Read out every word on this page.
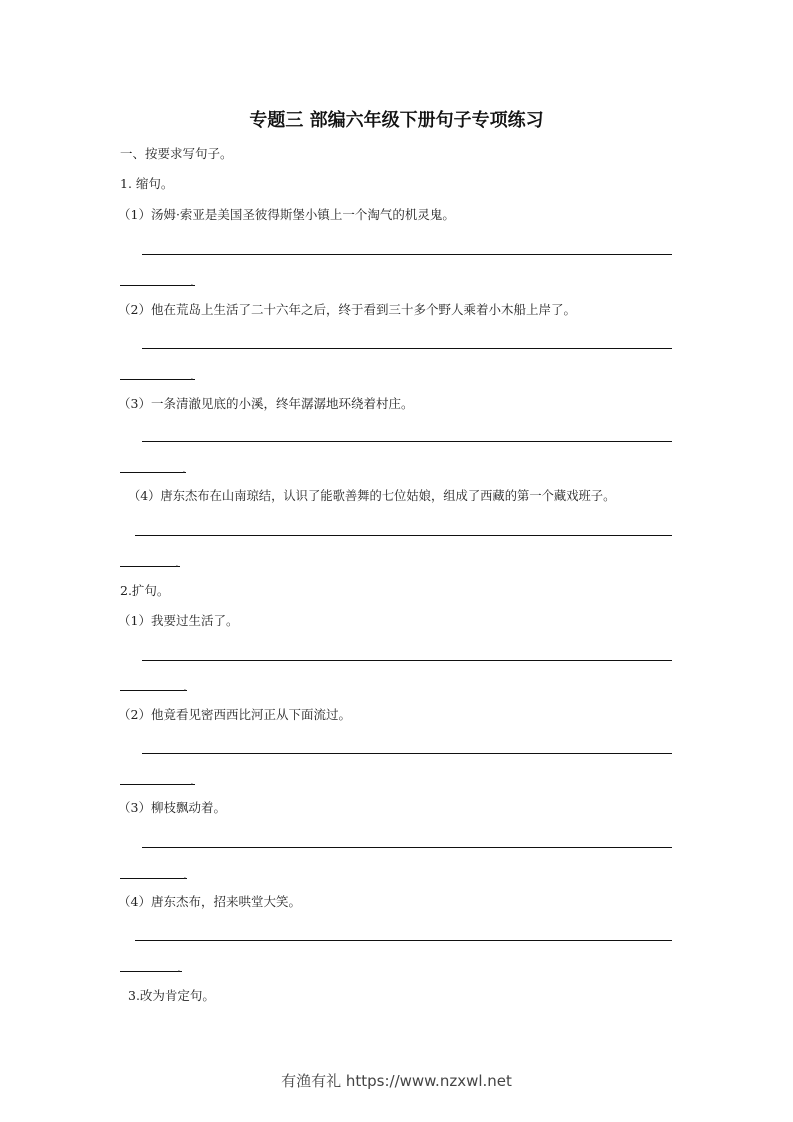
专题三 部编六年级下册句子专项练习
一、按要求写句子。
1. 缩句。
（1）汤姆·索亚是美国圣彼得斯堡小镇上一个淘气的机灵鬼。
.
（2）他在荒岛上生活了二十六年之后，终于看到三十多个野人乘着小木船上岸了。
.
（3）一条清澈见底的小溪，终年潺潺地环绕着村庄。
.
（4）唐东杰布在山南琼结，认识了能歌善舞的七位姑娘，组成了西藏的第一个藏戏班子。
.
2.扩句。
（1）我要过生活了。
.
（2）他竟看见密西西比河正从下面流过。
.
（3）柳枝飘动着。
.
（4）唐东杰布，招来哄堂大笑。
.
3.改为肯定句。
有渔有礼 https://www.nzxwl.net
